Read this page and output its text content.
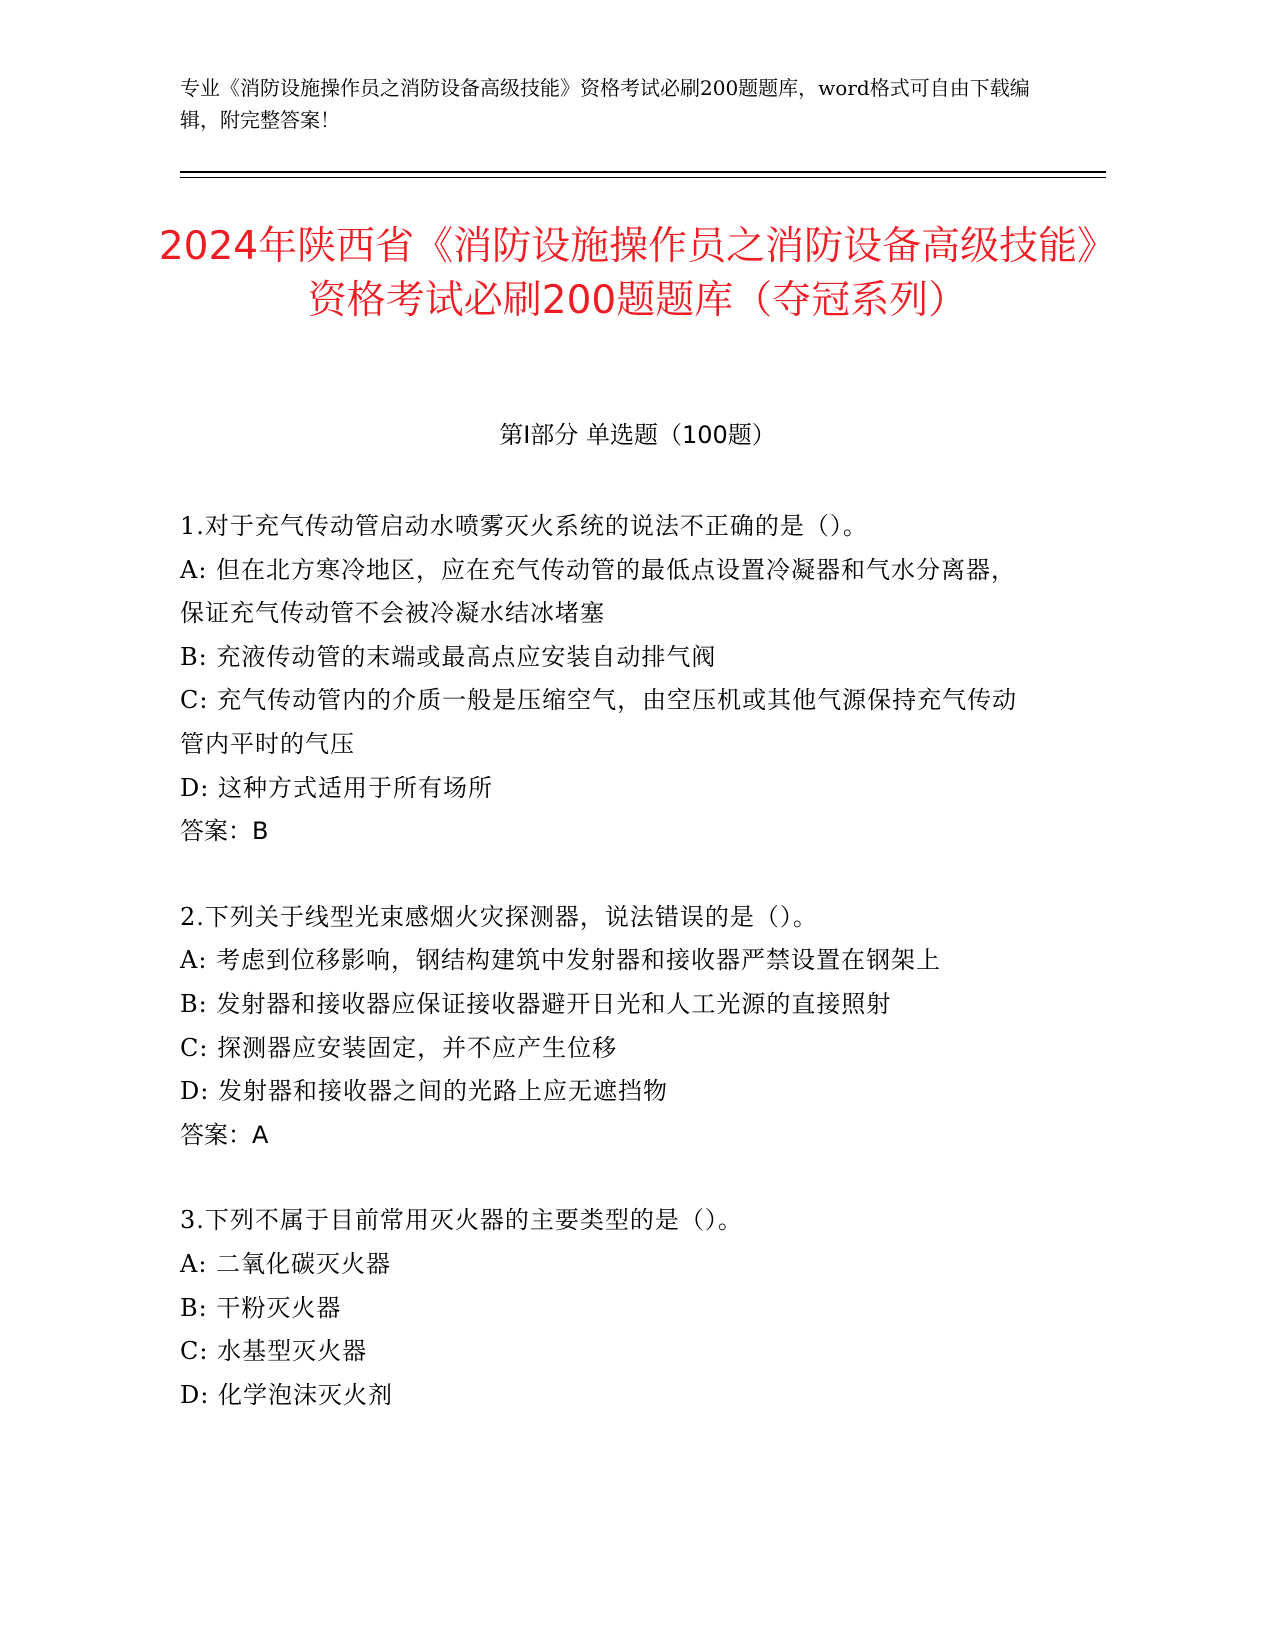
专业《消防设施操作员之消防设备高级技能》资格考试必刷200题题库，word格式可自由下载编辑，附完整答案！
2024年陕西省《消防设施操作员之消防设备高级技能》资格考试必刷200题题库（夺冠系列）
第I部分 单选题（100题）
1.对于充气传动管启动水喷雾灭火系统的说法不正确的是（）。
A: 但在北方寒冷地区，应在充气传动管的最低点设置冷凝器和气水分离器，保证充气传动管不会被冷凝水结冰堵塞
B: 充液传动管的末端或最高点应安装自动排气阀
C: 充气传动管内的介质一般是压缩空气，由空压机或其他气源保持充气传动管内平时的气压
D: 这种方式适用于所有场所
答案：B
2.下列关于线型光束感烟火灾探测器，说法错误的是（）。
A: 考虑到位移影响，钢结构建筑中发射器和接收器严禁设置在钢架上
B: 发射器和接收器应保证接收器避开日光和人工光源的直接照射
C: 探测器应安装固定，并不应产生位移
D: 发射器和接收器之间的光路上应无遮挡物
答案：A
3.下列不属于目前常用灭火器的主要类型的是（）。
A: 二氧化碳灭火器
B: 干粉灭火器
C: 水基型灭火器
D: 化学泡沫灭火剂
